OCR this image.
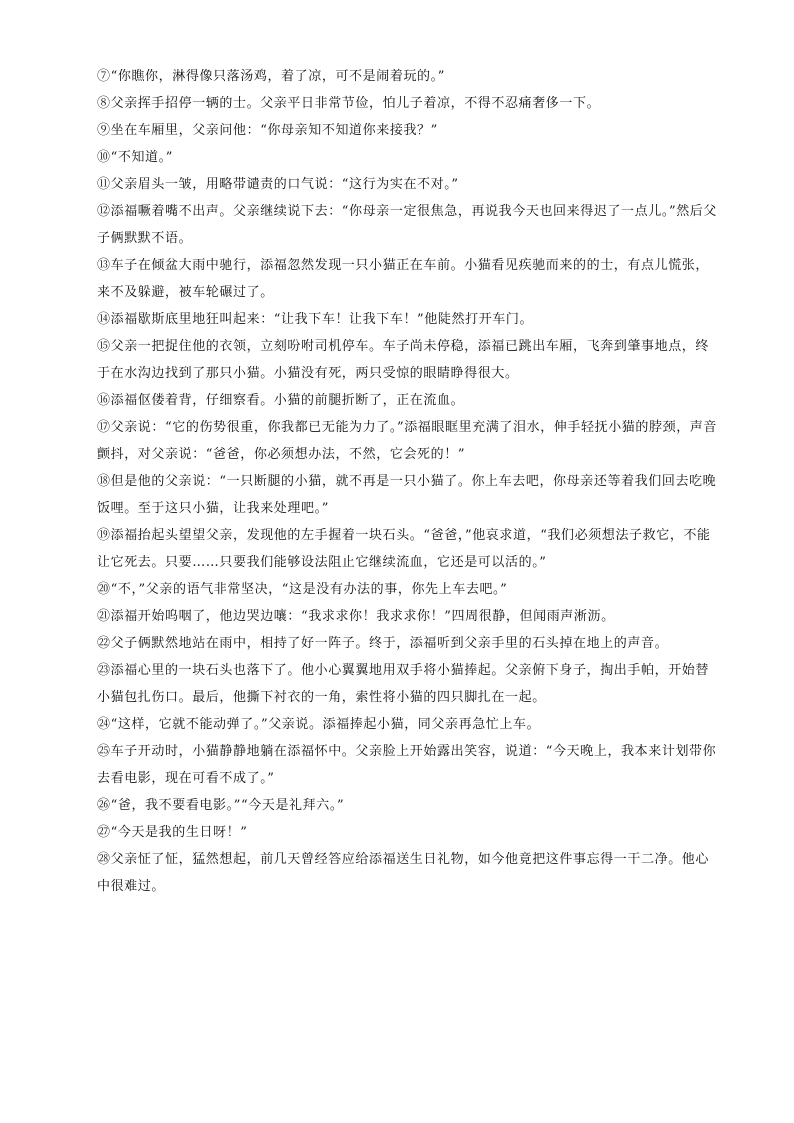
⑦“你瞧你，淋得像只落汤鸡，着了凉，可不是闹着玩的。”

⑧父亲挥手招停一辆的士。父亲平日非常节俭，怕儿子着凉，不得不忍痛奢侈一下。

⑨坐在车厢里，父亲问他：“你母亲知不知道你来接我？”

⑩“不知道。”

⑪父亲眉头一皱，用略带谴责的口气说：“这行为实在不对。”

⑫添福噘着嘴不出声。父亲继续说下去：“你母亲一定很焦急，再说我今天也回来得迟了一点儿。”然后父子俩默默不语。

⑬车子在倾盆大雨中驰行，添福忽然发现一只小猫正在车前。小猫看见疾驰而来的的士，有点儿慌张，来不及躲避，被车轮碾过了。

⑭添福歇斯底里地狂叫起来：“让我下车！让我下车！”他陡然打开车门。

⑮父亲一把捉住他的衣领，立刻吩咐司机停车。车子尚未停稳，添福已跳出车厢，飞奔到肇事地点，终于在水沟边找到了那只小猫。小猫没有死，两只受惊的眼睛睁得很大。

⑯添福伛偻着背，仔细察看。小猫的前腿折断了，正在流血。

⑰父亲说：“它的伤势很重，你我都已无能为力了。”添福眼眶里充满了泪水，伸手轻抚小猫的脖颈，声音颤抖，对父亲说：“爸爸，你必须想办法，不然，它会死的！”

⑱但是他的父亲说：“一只断腿的小猫，就不再是一只小猫了。你上车去吧，你母亲还等着我们回去吃晚饭哩。至于这只小猫，让我来处理吧。”

⑲添福抬起头望望父亲，发现他的左手握着一块石头。“爸爸，”他哀求道，“我们必须想法子救它，不能让它死去。只要……只要我们能够设法阻止它继续流血，它还是可以活的。”

⑳“不，”父亲的语气非常坚决，“这是没有办法的事，你先上车去吧。”

㉑添福开始呜咽了，他边哭边嚷：“我求求你！我求求你！”四周很静，但闻雨声淅沥。

㉒父子俩默然地站在雨中，相持了好一阵子。终于，添福听到父亲手里的石头掉在地上的声音。

㉓添福心里的一块石头也落下了。他小心翼翼地用双手将小猫捧起。父亲俯下身子，掏出手帕，开始替小猫包扎伤口。最后，他撕下衬衣的一角，索性将小猫的四只脚扎在一起。

㉔“这样，它就不能动弹了。”父亲说。添福捧起小猫，同父亲再急忙上车。

㉕车子开动时，小猫静静地躺在添福怀中。父亲脸上开始露出笑容，说道：“今天晚上，我本来计划带你去看电影，现在可看不成了。”

㉖“爸，我不要看电影。”“今天是礼拜六。”

㉗“今天是我的生日呀！”

㉘父亲怔了怔，猛然想起，前几天曾经答应给添福送生日礼物，如今他竟把这件事忘得一干二净。他心中很难过。
